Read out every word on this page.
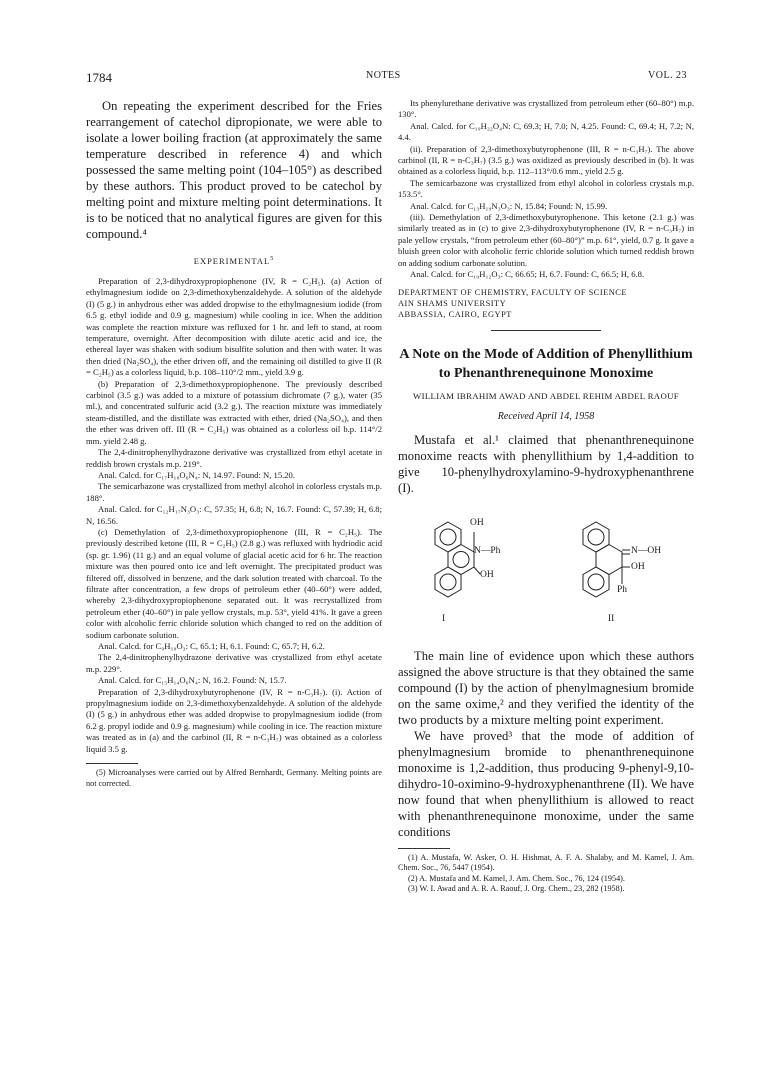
1784	NOTES	VOL. 23

On repeating the experiment described for the Fries rearrangement of catechol dipropionate, we were able to isolate a lower boiling fraction (at approximately the same temperature described in reference 4) and which possessed the same melting point (104–105°) as described by these authors. This product proved to be catechol by melting point and mixture melting point determinations. It is to be noticed that no analytical figures are given for this compound.⁴

EXPERIMENTAL$^5$

Preparation of 2,3-dihydroxypropiophenone (IV, R = C₂H₅). (a) Action of ethylmagnesium iodide on 2,3-dimethoxybenzaldehyde. A solution of the aldehyde (I) (5 g.) in anhydrous ether was added dropwise to the ethylmagnesium iodide (from 6.5 g. ethyl iodide and 0.9 g. magnesium) while cooling in ice. When the addition was complete the reaction mixture was refluxed for 1 hr. and left to stand, at room temperature, overnight. After decomposition with dilute acetic acid and ice, the ethereal layer was shaken with sodium bisulfite solution and then with water. It was then dried (Na₂SO₄), the ether driven off, and the remaining oil distilled to give II (R = C₂H₅) as a colorless liquid, b.p. 108–110°/2 mm., yield 3.9 g.

(b) Preparation of 2,3-dimethoxypropiophenone. The previously described carbinol (3.5 g.) was added to a mixture of potassium dichromate (7 g.), water (35 ml.), and concentrated sulfuric acid (3.2 g.). The reaction mixture was immediately steam-distilled, and the distillate was extracted with ether, dried (Na₂SO₄), and then the ether was driven off. III (R = C₂H₅) was obtained as a colorless oil b.p. 114°/2 mm. yield 2.48 g.

The 2,4-dinitrophenylhydrazone derivative was crystallized from ethyl acetate in reddish brown crystals m.p. 219°.

Anal. Calcd. for C₁₇H₁₈O₆N₄: N, 14.97. Found: N, 15.20.

The semicarbazone was crystallized from methyl alcohol in colorless crystals m.p. 188°.

Anal. Calcd. for C₁₂H₁₇N₃O₃: C, 57.35; H, 6.8; N, 16.7. Found: C, 57.39; H, 6.8; N, 16.56.

(c) Demethylation of 2,3-dimethoxypropiophenone (III, R = C₂H₅). The previously described ketone (III, R = C₂H₅) (2.8 g.) was refluxed with hydriodic acid (sp. gr. 1.96) (11 g.) and an equal volume of glacial acetic acid for 6 hr. The reaction mixture was then poured onto ice and left overnight. The precipitated product was filtered off, dissolved in benzene, and the dark solution treated with charcoal. To the filtrate after concentration, a few drops of petroleum ether (40–60°) were added, whereby 2,3-dihydroxypropiophenone separated out. It was recrystallized from petroleum ether (40–60°) in pale yellow crystals, m.p. 53°, yield 41%. It gave a green color with alcoholic ferric chloride solution which changed to red on the addition of sodium carbonate solution.

Anal. Calcd. for C₉H₁₀O₃: C, 65.1; H, 6.1. Found: C, 65.7; H, 6.2.

The 2,4-dinitrophenylhydrazone derivative was crystallized from ethyl acetate m.p. 229°.

Anal. Calcd. for C₁₅H₁₄O₆N₄: N, 16.2. Found: N, 15.7.

Preparation of 2,3-dihydroxybutyrophenone (IV, R = n-C₃H₇). (i). Action of propylmagnesium iodide on 2,3-dimethoxybenzaldehyde. A solution of the aldehyde (I) (5 g.) in anhydrous ether was added dropwise to propylmagnesium iodide (from 6.2 g. propyl iodide and 0.9 g. magnesium) while cooling in ice. The reaction mixture was treated as in (a) and the carbinol (II, R = n-C₃H₇) was obtained as a colorless liquid 3.5 g.

(5) Microanalyses were carried out by Alfred Bernhardt, Germany. Melting points are not corrected.

Its phenylurethane derivative was crystallized from petroleum ether (60–80°) m.p. 130°.

Anal. Calcd. for C₁₉H₂₂O₄N: C, 69.3; H, 7.0; N, 4.25. Found: C, 69.4; H, 7.2; N, 4.4.

(ii). Preparation of 2,3-dimethoxybutyrophenone (III, R = n-C₃H₇). The above carbinol (II, R = n-C₃H₇) (3.5 g.) was oxidized as previously described in (b). It was obtained as a colorless liquid, b.p. 112–113°/0.6 mm., yield 2.5 g.

The semicarbazone was crystallized from ethyl alcohol in colorless crystals m.p. 153.5°.

Anal. Calcd. for C₁₃H₁₉N₃O₃: N, 15.84; Found: N, 15.99.

(iii). Demethylation of 2,3-dimethoxybutyrophenone. This ketone (2.1 g.) was similarly treated as in (c) to give 2,3-dihydroxybutyrophenone (IV, R = n-C₃H₇) in pale yellow crystals, “from petroleum ether (60–80°)” m.p. 61°, yield, 0.7 g. It gave a bluish green color with alcoholic ferric chloride solution which turned reddish brown on adding sodium carbonate solution.

Anal. Calcd. for C₁₀H₁₂O₃: C, 66.65; H, 6.7. Found: C, 66.5; H, 6.8.

DEPARTMENT OF CHEMISTRY, FACULTY OF SCIENCE
AIN SHAMS UNIVERSITY
ABBASSIA, CAIRO, EGYPT
A Note on the Mode of Addition of Phenyllithium to Phenanthrenequinone Monoxime
WILLIAM IBRAHIM AWAD AND ABDEL REHIM ABDEL RAOUF
Received April 14, 1958

Mustafa et al.¹ claimed that phenanthrenequinone monoxime reacts with phenyllithium by 1,4-addition to give 10-phenylhydroxylamino-9-hydroxyphenanthrene (I).

OH
N—Ph
OH
I
N—OH
OH
Ph
II

The main line of evidence upon which these authors assigned the above structure is that they obtained the same compound (I) by the action of phenylmagnesium bromide on the same oxime,² and they verified the identity of the two products by a mixture melting point experiment.

We have proved³ that the mode of addition of phenylmagnesium bromide to phenanthrenequinone monoxime is 1,2-addition, thus producing 9-phenyl-9,10-dihydro-10-oximino-9-hydroxyphenanthrene (II). We have now found that when phenyllithium is allowed to react with phenanthrenequinone monoxime, under the same conditions

(1) A. Mustafa, W. Asker, O. H. Hishmat, A. F. A. Shalaby, and M. Kamel, J. Am. Chem. Soc., 76, 5447 (1954).

(2) A. Mustafa and M. Kamel, J. Am. Chem. Soc., 76, 124 (1954).

(3) W. I. Awad and A. R. A. Raouf, J. Org. Chem., 23, 282 (1958).
